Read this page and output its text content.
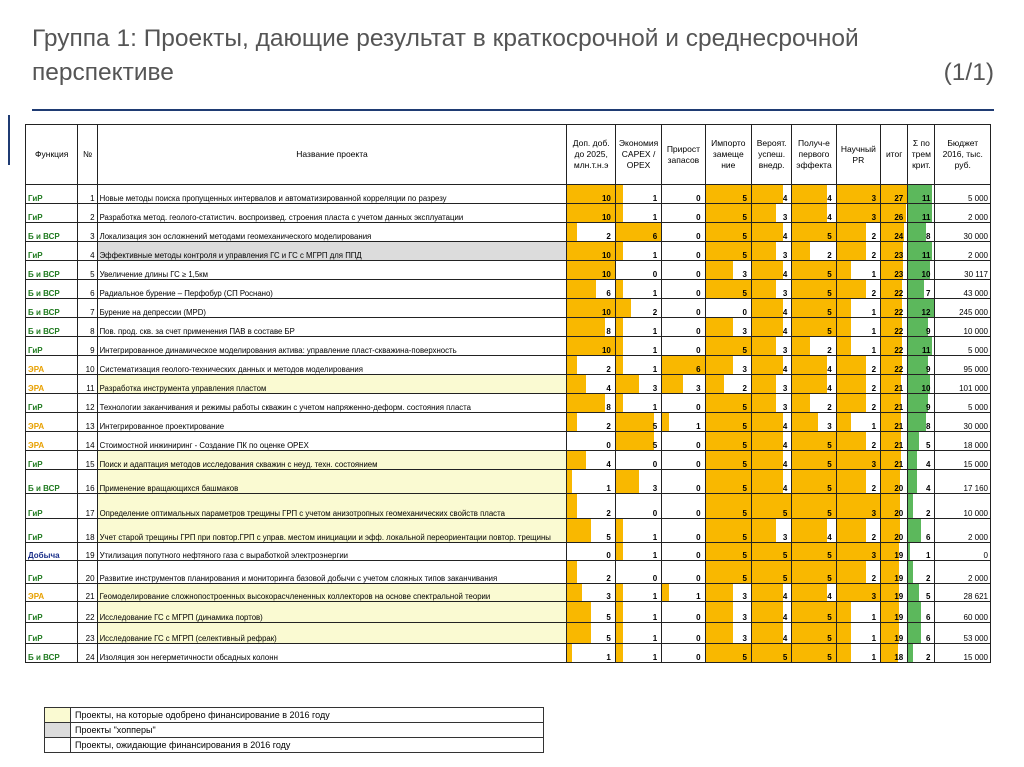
Группа 1: Проекты, дающие результат в краткосрочной и среднесрочной
перспективе	(1/1)
Функция	№	Название проекта	Доп. доб. до 2025, млн.т.н.э	Экономия CAPEX / OPEX	Прирост запасов	Импорто замеще ние	Вероят. успеш. внедр.	Получ-е первого эффекта	Научный PR	итог	Σ по трем крит.	Бюджет 2016, тыс. руб.
ГиР	1	Новые методы поиска пропущенных интервалов и автоматизированной корреляции по разрезу	10	1	0	5	4	4	3	27	11	5 000
ГиР	2	Разработка метод. геолого-статистич. воспроизвед. строения пласта с учетом данных эксплуатации	10	1	0	5	3	4	3	26	11	2 000
Б и ВСР	3	Локализация зон осложнений методами геомеханического моделирования	2	6	0	5	4	5	2	24	8	30 000
ГиР	4	Эффективные методы контроля и управления ГС и ГС с МГРП для ППД	10	1	0	5	3	2	2	23	11	2 000
Б и ВСР	5	Увеличение длины ГС ≥ 1,5км	10	0	0	3	4	5	1	23	10	30 117
Б и ВСР	6	Радиальное бурение – Перфобур (СП Роснано)	6	1	0	5	3	5	2	22	7	43 000
Б и ВСР	7	Бурение на депрессии (MPD)	10	2	0	0	4	5	1	22	12	245 000
Б и ВСР	8	Пов. прод. скв. за счет применения ПАВ в составе БР	8	1	0	3	4	5	1	22	9	10 000
ГиР	9	Интегрированное динамическое моделирования актива: управление пласт-скважина-поверхность	10	1	0	5	3	2	1	22	11	5 000
ЭРА	10	Систематизация геолого-технических данных и методов моделирования	2	1	6	3	4	4	2	22	9	95 000
ЭРА	11	Разработка инструмента управления пластом	4	3	3	2	3	4	2	21	10	101 000
ГиР	12	Технологии заканчивания и режимы работы скважин с учетом напряженно-деформ. состояния пласта	8	1	0	5	3	2	2	21	9	5 000
ЭРА	13	Интегрированное проектирование	2	5	1	5	4	3	1	21	8	30 000
ЭРА	14	Стоимостной инжиниринг - Создание ПК по оценке OPEX	0	5	0	5	4	5	2	21	5	18 000
ГиР	15	Поиск и адаптация методов исследования скважин с неуд. техн. состоянием	4	0	0	5	4	5	3	21	4	15 000
Б и ВСР	16	Применение вращающихся башмаков	1	3	0	5	4	5	2	20	4	17 160
ГиР	17	Определение оптимальных параметров трещины ГРП с учетом анизотропных геомеханических свойств пласта	2	0	0	5	5	5	3	20	2	10 000
ГиР	18	Учет старой трещины ГРП при повтор.ГРП с управ. местом инициации и эфф. локальной переориентации повтор. трещины	5	1	0	5	3	4	2	20	6	2 000
Добыча	19	Утилизация попутного нефтяного газа с выработкой электроэнергии	0	1	0	5	5	5	3	19	1	0
ГиР	20	Развитие инструментов планирования и мониторинга базовой добычи с учетом сложных типов заканчивания	2	0	0	5	5	5	2	19	2	2 000
ЭРА	21	Геомоделирование сложнопостроенных высокорасчлененных коллекторов на основе спектральной теории	3	1	1	3	4	4	3	19	5	28 621
ГиР	22	Исследование ГС с МГРП (динамика портов)	5	1	0	3	4	5	1	19	6	60 000
ГиР	23	Исследование ГС с МГРП (селективный рефрак)	5	1	0	3	4	5	1	19	6	53 000
Б и ВСР	24	Изоляция зон негерметичности обсадных колонн	1	1	0	5	5	5	1	18	2	15 000
	Проекты, на которые одобрено финансирование в 2016 году
	Проекты "хопперы"
	Проекты, ожидающие финансирования в 2016 году
